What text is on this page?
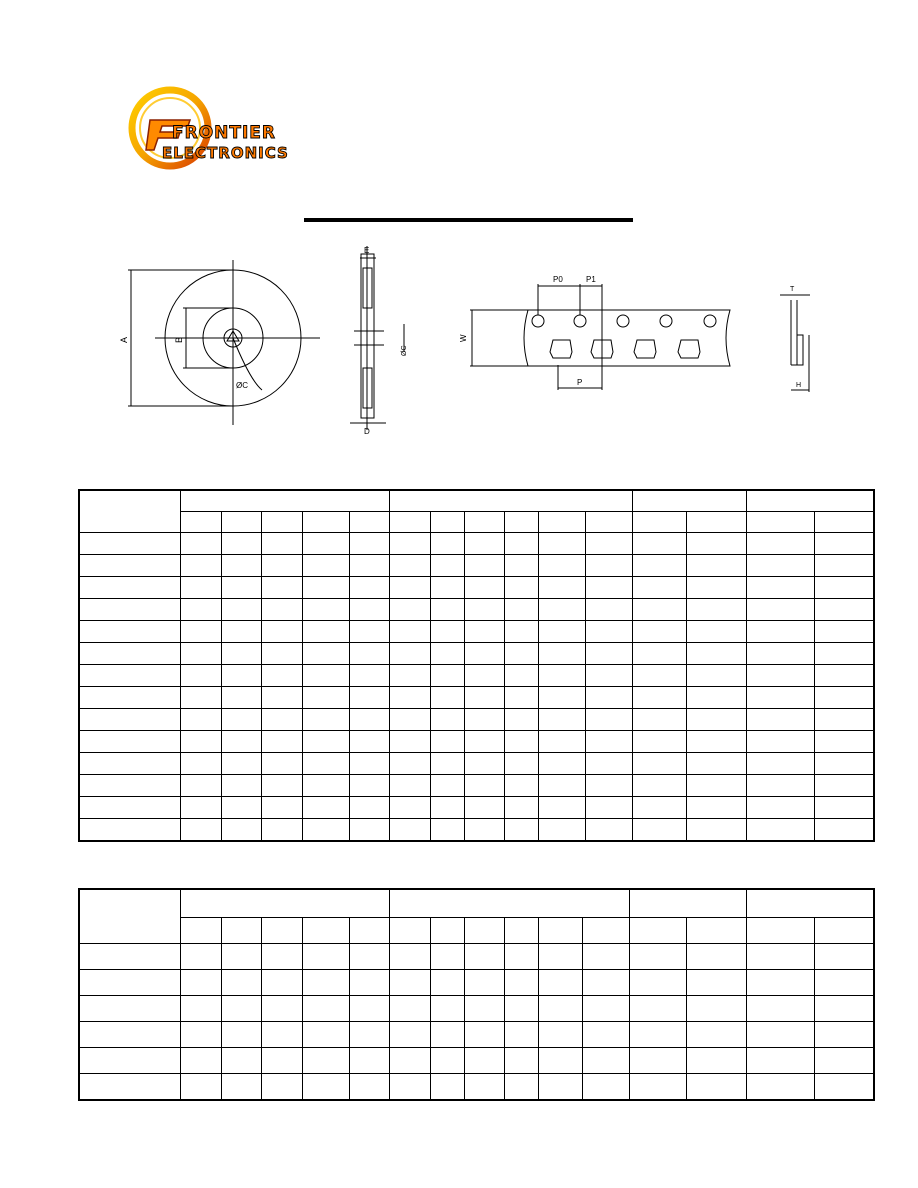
FRONTIER
ELECTRONICS
A	B
ØC
E
D
ØC
P0	P1
W
P
T
H
